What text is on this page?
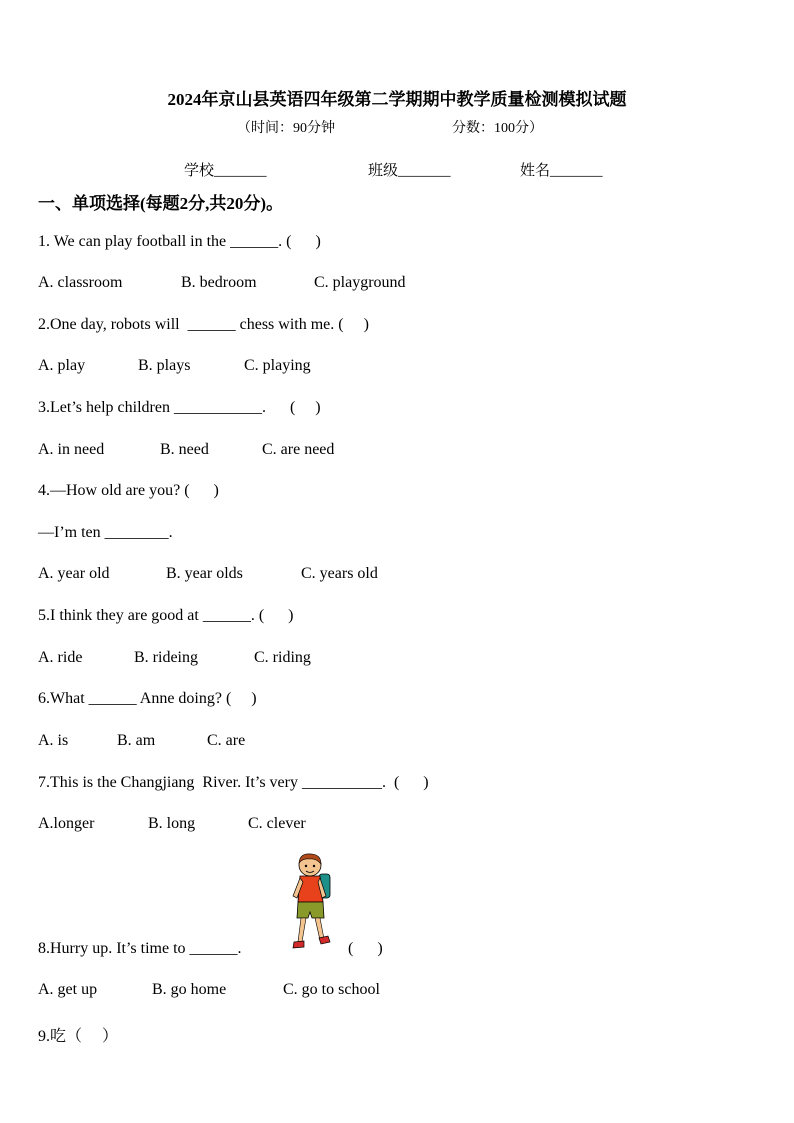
2024年京山县英语四年级第二学期期中教学质量检测模拟试题
（时间：90分钟	分数：100分）
学校_______	班级_______	姓名_______
一、单项选择(每题2分,共20分)。
1. We can play football in the ______. (      )
A. classroom	B. bedroom	C. playground
2.One day, robots will  ______ chess with me. (     )
A. play	B. plays	C. playing
3.Let’s help children ___________.      (     )
A. in need	B. need	C. are need
4.—How old are you? (      )
—I’m ten ________.
A. year old	B. year olds	C. years old
5.I think they are good at ______. (      )
A. ride	B. rideing	C. riding
6.What ______ Anne doing? (     )
A. is	B. am	C. are
7.This is the Changjiang  River. It’s very __________.  (      )
A.longer	B. long	C. clever
8.Hurry up. It’s time to ______.	(      )
A. get up	B. go home	C. go to school
9.吃（     ）
